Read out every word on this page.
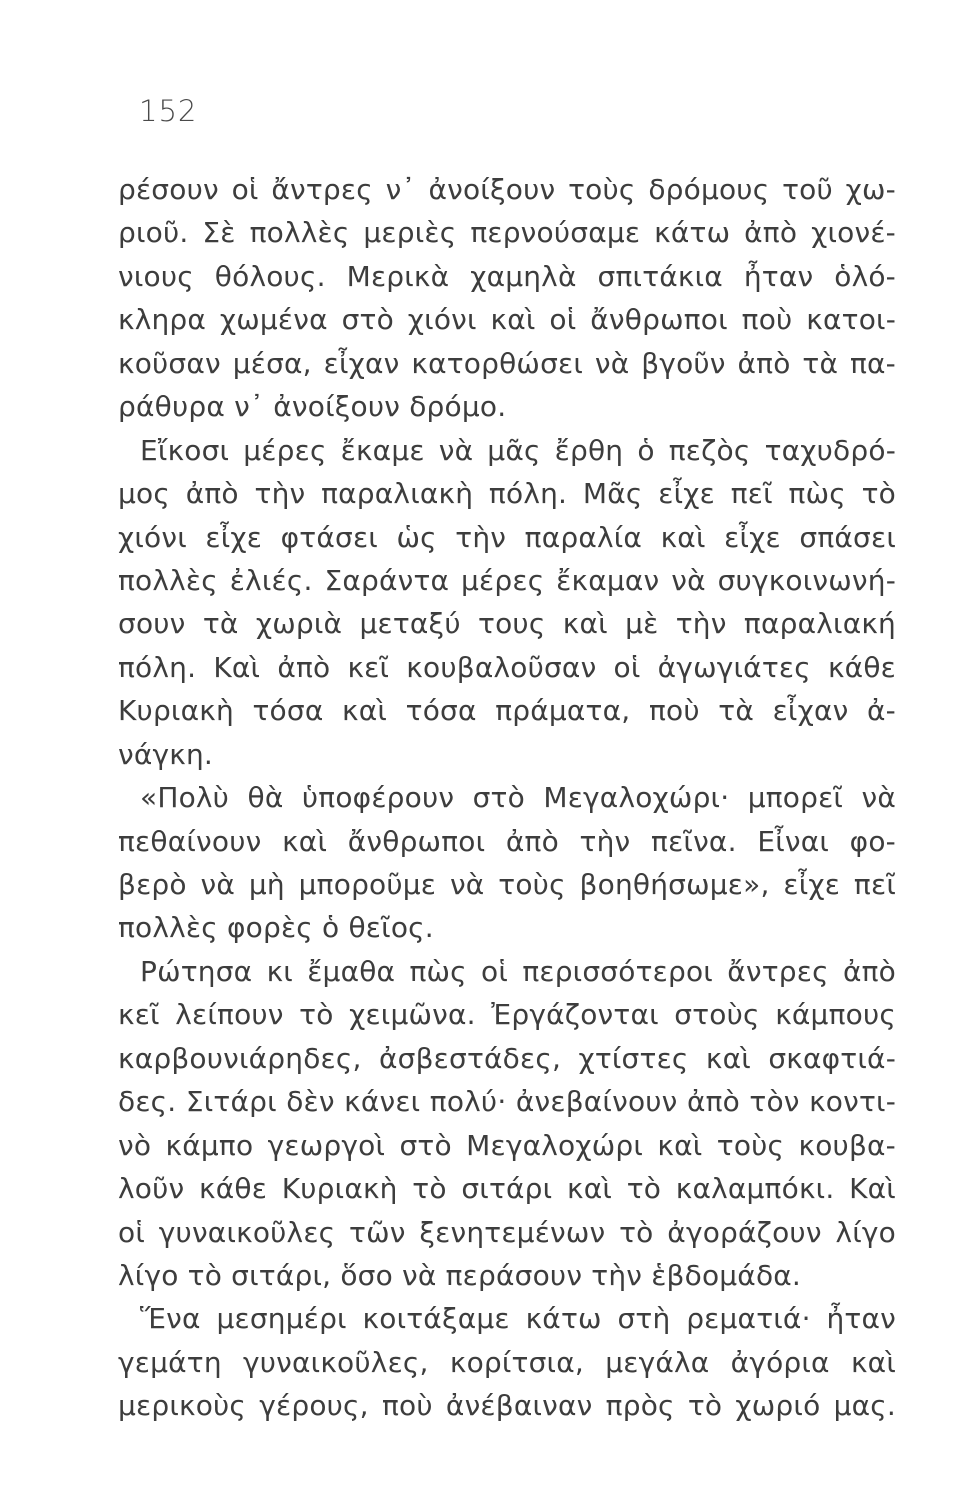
152
ρέσουν οἱ ἄντρες ν᾿ ἀνοίξουν τοὺς δρόμους τοῦ χω-
ριοῦ. Σὲ πολλὲς μεριὲς περνούσαμε κάτω ἀπὸ χιονέ-
νιους θόλους. Μερικὰ χαμηλὰ σπιτάκια ἦταν ὁλό-
κληρα χωμένα στὸ χιόνι καὶ οἱ ἄνθρωποι ποὺ κατοι-
κοῦσαν μέσα, εἶχαν κατορθώσει νὰ βγοῦν ἀπὸ τὰ πα-
ράθυρα ν᾿ ἀνοίξουν δρόμο.
Εἴκοσι μέρες ἔκαμε νὰ μᾶς ἔρθη ὁ πεζὸς ταχυδρό-
μος ἀπὸ τὴν παραλιακὴ πόλη. Μᾶς εἶχε πεῖ πὼς τὸ
χιόνι εἶχε φτάσει ὡς τὴν παραλία καὶ εἶχε σπάσει
πολλὲς ἐλιές. Σαράντα μέρες ἔκαμαν νὰ συγκοινωνή-
σουν τὰ χωριὰ μεταξύ τους καὶ μὲ τὴν παραλιακή
πόλη. Καὶ ἀπὸ κεῖ κουβαλοῦσαν οἱ ἀγωγιάτες κάθε
Κυριακὴ τόσα καὶ τόσα πράματα, ποὺ τὰ εἶχαν ἀ-
νάγκη.
«Πολὺ θὰ ὑποφέρουν στὸ Μεγαλοχώρι· μπορεῖ νὰ
πεθαίνουν καὶ ἄνθρωποι ἀπὸ τὴν πεῖνα. Εἶναι φο-
βερὸ νὰ μὴ μποροῦμε νὰ τοὺς βοηθήσωμε», εἶχε πεῖ
πολλὲς φορὲς ὁ θεῖος.
Ρώτησα κι ἔμαθα πὼς οἱ περισσότεροι ἄντρες ἀπὸ
κεῖ λείπουν τὸ χειμῶνα. Ἐργάζονται στοὺς κάμπους
καρβουνιάρηδες, ἀσβεστάδες, χτίστες καὶ σκαφτιά-
δες. Σιτάρι δὲν κάνει πολύ· ἀνεβαίνουν ἀπὸ τὸν κοντι-
νὸ κάμπο γεωργοὶ στὸ Μεγαλοχώρι καὶ τοὺς κουβα-
λοῦν κάθε Κυριακὴ τὸ σιτάρι καὶ τὸ καλαμπόκι. Καὶ
οἱ γυναικοῦλες τῶν ξενητεμένων τὸ ἀγοράζουν λίγο
λίγο τὸ σιτάρι, ὅσο νὰ περάσουν τὴν ἑβδομάδα.
Ἕνα μεσημέρι κοιτάξαμε κάτω στὴ ρεματιά· ἦταν
γεμάτη γυναικοῦλες, κορίτσια, μεγάλα ἀγόρια καὶ
μερικοὺς γέρους, ποὺ ἀνέβαιναν πρὸς τὸ χωριό μας.
